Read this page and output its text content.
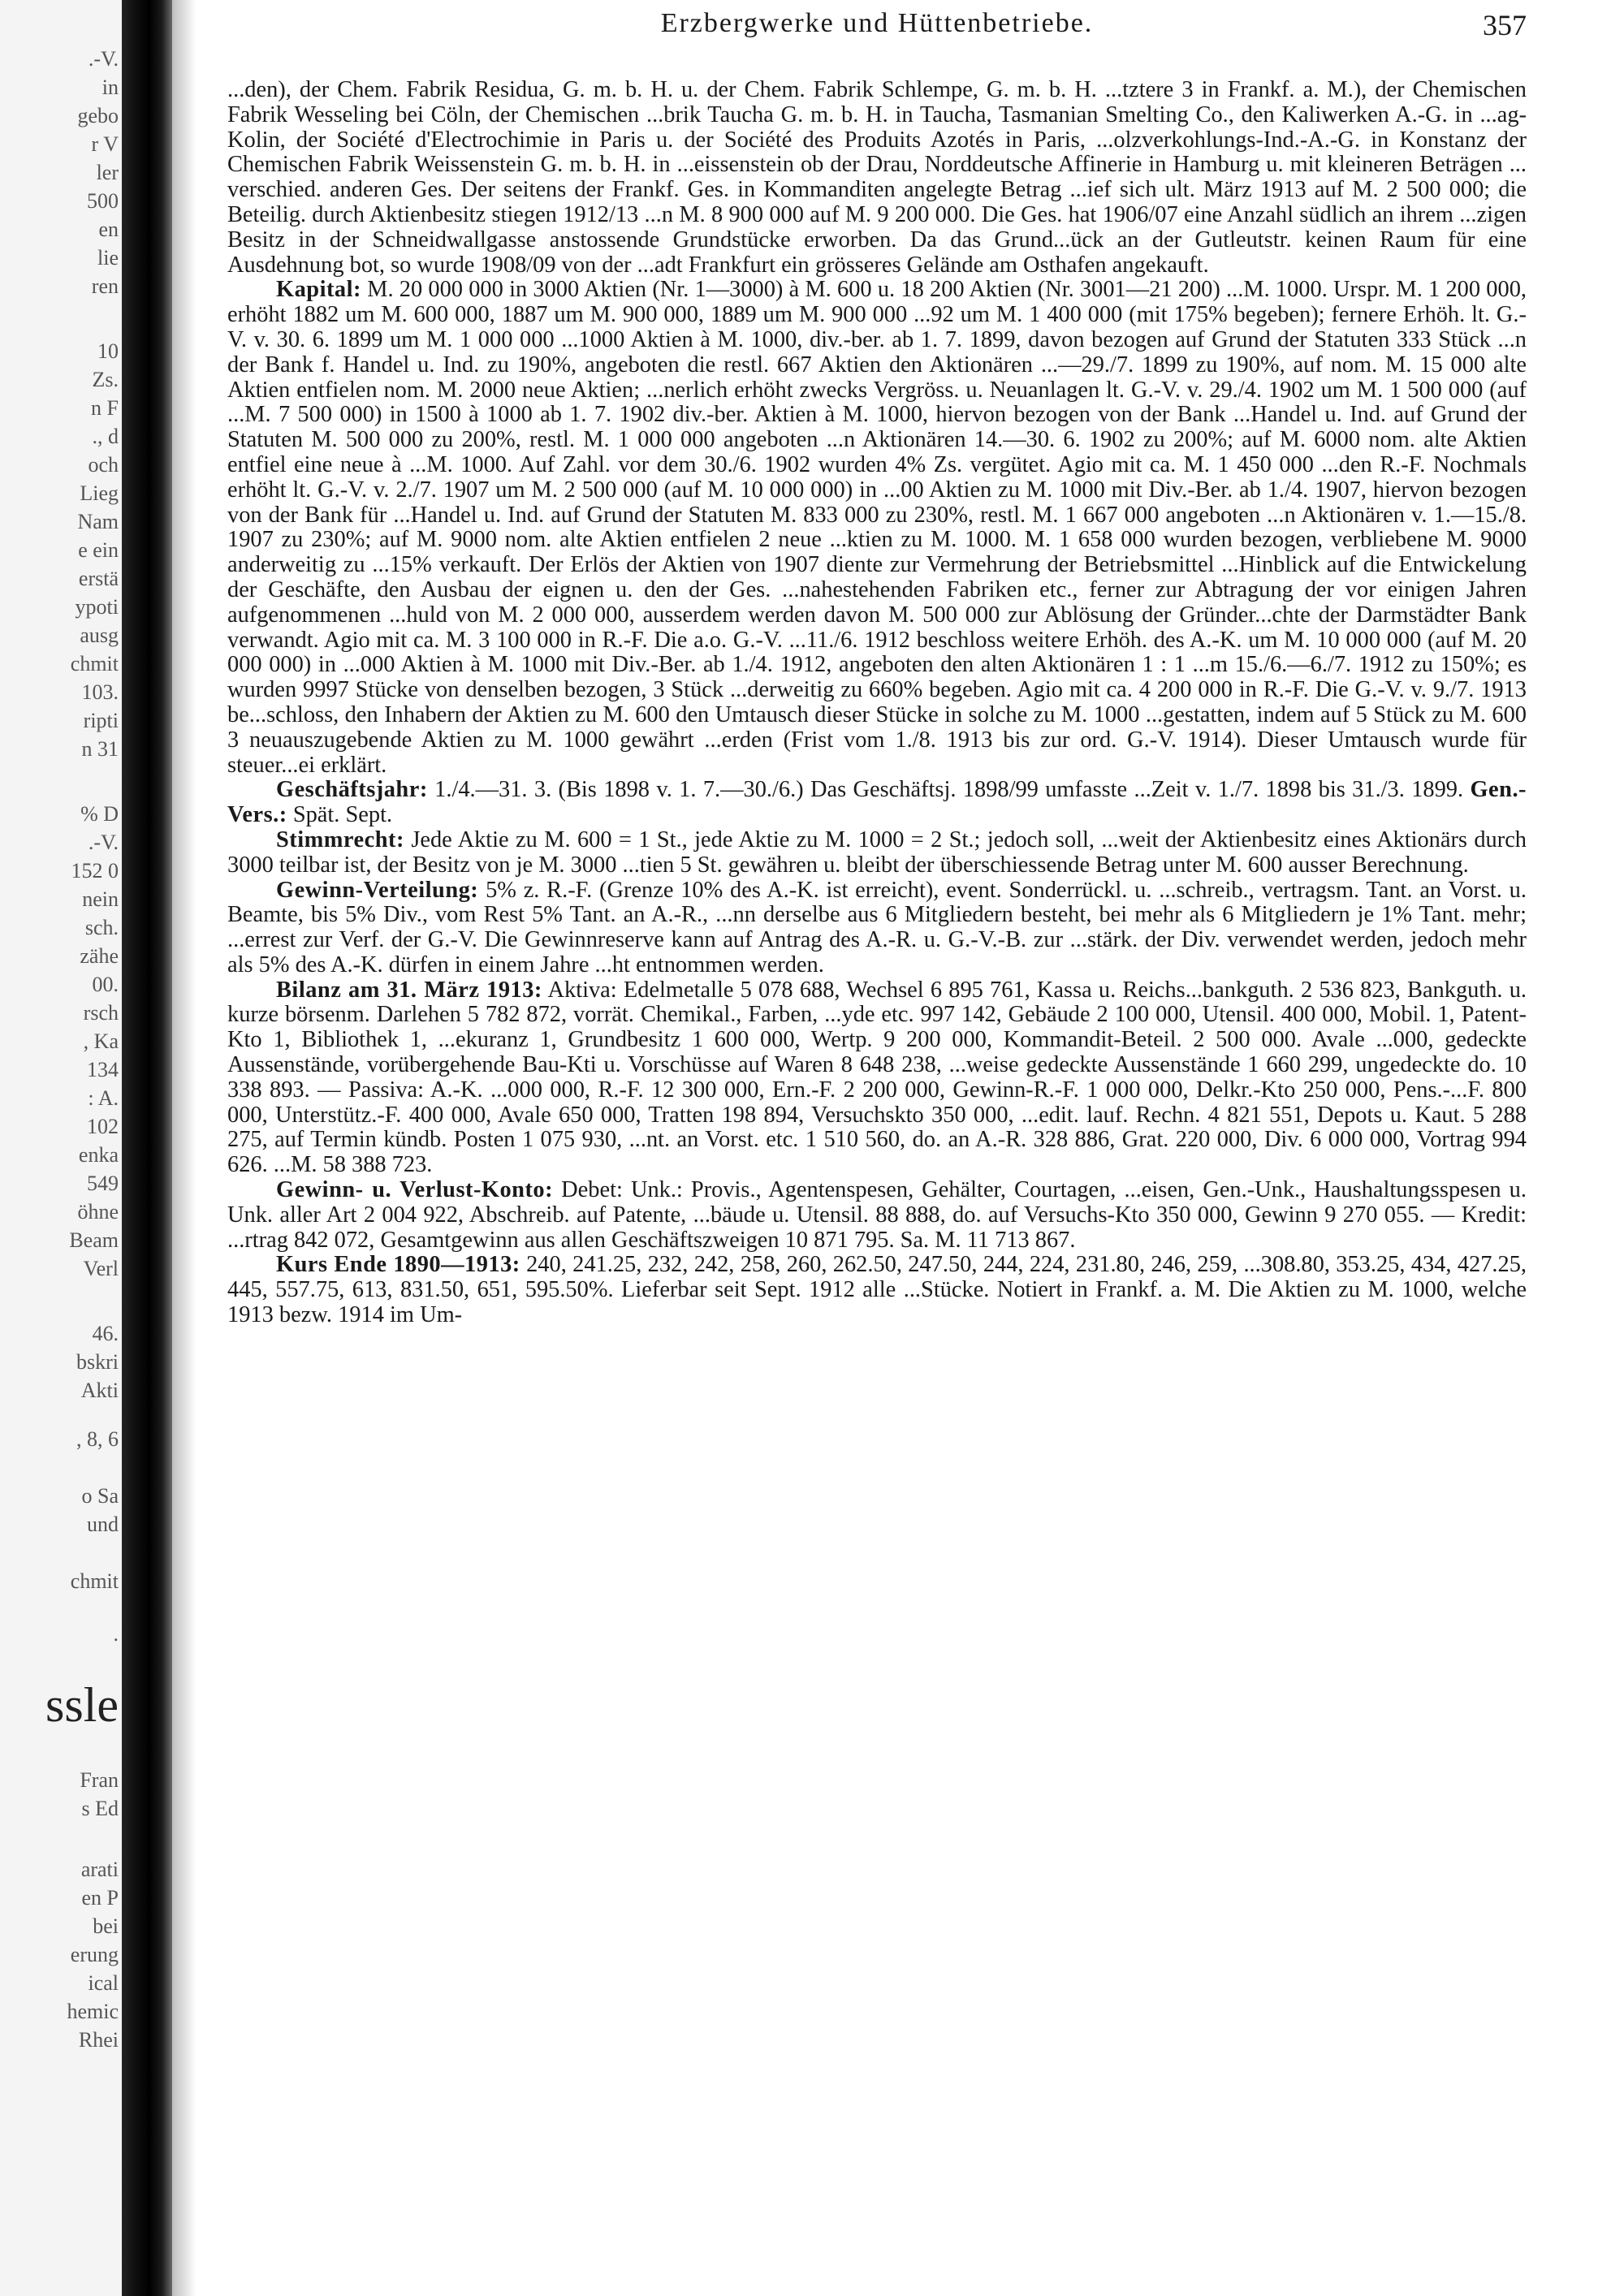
.-V.
in
gebo
r V
ler
500
en
lie
ren
10
Zs.
n F
., d
och
Lieg
Nam
e ein
erstä
ypoti
ausg
chmit
103.
ripti
n 31
% D
.-V.
152 0
nein
sch.
zähe
00.
rsch
, Ka
134
: A.
102
enka
549
öhne
Beam
Verl
46.
bskri
Akti
, 8, 6
o Sa
und
chmit
.
ssle
Fran
s Ed
arati
en P
bei
erung
ical
hemic
Rhei
Erzbergwerke und Hüttenbetriebe.	357

...den), der Chem. Fabrik Residua, G. m. b. H. u. der Chem. Fabrik Schlempe, G. m. b. H. ...tztere 3 in Frankf. a. M.), der Chemischen Fabrik Wesseling bei Cöln, der Chemischen ...brik Taucha G. m. b. H. in Taucha, Tasmanian Smelting Co., den Kaliwerken A.-G. in ...ag-Kolin, der Société d'Electrochimie in Paris u. der Société des Produits Azotés in Paris, ...olzverkohlungs-Ind.-A.-G. in Konstanz der Chemischen Fabrik Weissenstein G. m. b. H. in ...eissenstein ob der Drau, Norddeutsche Affinerie in Hamburg u. mit kleineren Beträgen ... verschied. anderen Ges. Der seitens der Frankf. Ges. in Kommanditen angelegte Betrag ...ief sich ult. März 1913 auf M. 2 500 000; die Beteilig. durch Aktienbesitz stiegen 1912/13 ...n M. 8 900 000 auf M. 9 200 000. Die Ges. hat 1906/07 eine Anzahl südlich an ihrem ...zigen Besitz in der Schneidwallgasse anstossende Grundstücke erworben. Da das Grund...ück an der Gutleutstr. keinen Raum für eine Ausdehnung bot, so wurde 1908/09 von der ...adt Frankfurt ein grösseres Gelände am Osthafen angekauft.

Kapital: M. 20 000 000 in 3000 Aktien (Nr. 1—3000) à M. 600 u. 18 200 Aktien (Nr. 3001—21 200) ...M. 1000. Urspr. M. 1 200 000, erhöht 1882 um M. 600 000, 1887 um M. 900 000, 1889 um M. 900 000 ...92 um M. 1 400 000 (mit 175% begeben); fernere Erhöh. lt. G.-V. v. 30. 6. 1899 um M. 1 000 000 ...1000 Aktien à M. 1000, div.-ber. ab 1. 7. 1899, davon bezogen auf Grund der Statuten 333 Stück ...n der Bank f. Handel u. Ind. zu 190%, angeboten die restl. 667 Aktien den Aktionären ...—29./7. 1899 zu 190%, auf nom. M. 15 000 alte Aktien entfielen nom. M. 2000 neue Aktien; ...nerlich erhöht zwecks Vergröss. u. Neuanlagen lt. G.-V. v. 29./4. 1902 um M. 1 500 000 (auf ...M. 7 500 000) in 1500 à 1000 ab 1. 7. 1902 div.-ber. Aktien à M. 1000, hiervon bezogen von der Bank ...Handel u. Ind. auf Grund der Statuten M. 500 000 zu 200%, restl. M. 1 000 000 angeboten ...n Aktionären 14.—30. 6. 1902 zu 200%; auf M. 6000 nom. alte Aktien entfiel eine neue à ...M. 1000. Auf Zahl. vor dem 30./6. 1902 wurden 4% Zs. vergütet. Agio mit ca. M. 1 450 000 ...den R.-F. Nochmals erhöht lt. G.-V. v. 2./7. 1907 um M. 2 500 000 (auf M. 10 000 000) in ...00 Aktien zu M. 1000 mit Div.-Ber. ab 1./4. 1907, hiervon bezogen von der Bank für ...Handel u. Ind. auf Grund der Statuten M. 833 000 zu 230%, restl. M. 1 667 000 angeboten ...n Aktionären v. 1.—15./8. 1907 zu 230%; auf M. 9000 nom. alte Aktien entfielen 2 neue ...ktien zu M. 1000. M. 1 658 000 wurden bezogen, verbliebene M. 9000 anderweitig zu ...15% verkauft. Der Erlös der Aktien von 1907 diente zur Vermehrung der Betriebsmittel ...Hinblick auf die Entwickelung der Geschäfte, den Ausbau der eignen u. den der Ges. ...nahestehenden Fabriken etc., ferner zur Abtragung der vor einigen Jahren aufgenommenen ...huld von M. 2 000 000, ausserdem werden davon M. 500 000 zur Ablösung der Gründer...chte der Darmstädter Bank verwandt. Agio mit ca. M. 3 100 000 in R.-F. Die a.o. G.-V. ...11./6. 1912 beschloss weitere Erhöh. des A.-K. um M. 10 000 000 (auf M. 20 000 000) in ...000 Aktien à M. 1000 mit Div.-Ber. ab 1./4. 1912, angeboten den alten Aktionären 1 : 1 ...m 15./6.—6./7. 1912 zu 150%; es wurden 9997 Stücke von denselben bezogen, 3 Stück ...derweitig zu 660% begeben. Agio mit ca. 4 200 000 in R.-F. Die G.-V. v. 9./7. 1913 be...schloss, den Inhabern der Aktien zu M. 600 den Umtausch dieser Stücke in solche zu M. 1000 ...gestatten, indem auf 5 Stück zu M. 600 3 neuauszugebende Aktien zu M. 1000 gewährt ...erden (Frist vom 1./8. 1913 bis zur ord. G.-V. 1914). Dieser Umtausch wurde für steuer...ei erklärt.

Geschäftsjahr: 1./4.—31. 3. (Bis 1898 v. 1. 7.—30./6.) Das Geschäftsj. 1898/99 umfasste ...Zeit v. 1./7. 1898 bis 31./3. 1899. Gen.-Vers.: Spät. Sept.

Stimmrecht: Jede Aktie zu M. 600 = 1 St., jede Aktie zu M. 1000 = 2 St.; jedoch soll, ...weit der Aktienbesitz eines Aktionärs durch 3000 teilbar ist, der Besitz von je M. 3000 ...tien 5 St. gewähren u. bleibt der überschiessende Betrag unter M. 600 ausser Berechnung.

Gewinn-Verteilung: 5% z. R.-F. (Grenze 10% des A.-K. ist erreicht), event. Sonderrückl. u. ...schreib., vertragsm. Tant. an Vorst. u. Beamte, bis 5% Div., vom Rest 5% Tant. an A.-R., ...nn derselbe aus 6 Mitgliedern besteht, bei mehr als 6 Mitgliedern je 1% Tant. mehr; ...errest zur Verf. der G.-V. Die Gewinnreserve kann auf Antrag des A.-R. u. G.-V.-B. zur ...stärk. der Div. verwendet werden, jedoch mehr als 5% des A.-K. dürfen in einem Jahre ...ht entnommen werden.

Bilanz am 31. März 1913: Aktiva: Edelmetalle 5 078 688, Wechsel 6 895 761, Kassa u. Reichs...bankguth. 2 536 823, Bankguth. u. kurze börsenm. Darlehen 5 782 872, vorrät. Chemikal., Farben, ...yde etc. 997 142, Gebäude 2 100 000, Utensil. 400 000, Mobil. 1, Patent-Kto 1, Bibliothek 1, ...ekuranz 1, Grundbesitz 1 600 000, Wertp. 9 200 000, Kommandit-Beteil. 2 500 000. Avale ...000, gedeckte Aussenstände, vorübergehende Bau-Kti u. Vorschüsse auf Waren 8 648 238, ...weise gedeckte Aussenstände 1 660 299, ungedeckte do. 10 338 893. — Passiva: A.-K. ...000 000, R.-F. 12 300 000, Ern.-F. 2 200 000, Gewinn-R.-F. 1 000 000, Delkr.-Kto 250 000, Pens.-...F. 800 000, Unterstütz.-F. 400 000, Avale 650 000, Tratten 198 894, Versuchskto 350 000, ...edit. lauf. Rechn. 4 821 551, Depots u. Kaut. 5 288 275, auf Termin kündb. Posten 1 075 930, ...nt. an Vorst. etc. 1 510 560, do. an A.-R. 328 886, Grat. 220 000, Div. 6 000 000, Vortrag 994 626. ...M. 58 388 723.

Gewinn- u. Verlust-Konto: Debet: Unk.: Provis., Agentenspesen, Gehälter, Courtagen, ...eisen, Gen.-Unk., Haushaltungsspesen u. Unk. aller Art 2 004 922, Abschreib. auf Patente, ...bäude u. Utensil. 88 888, do. auf Versuchs-Kto 350 000, Gewinn 9 270 055. — Kredit: ...rtrag 842 072, Gesamtgewinn aus allen Geschäftszweigen 10 871 795. Sa. M. 11 713 867.

Kurs Ende 1890—1913: 240, 241.25, 232, 242, 258, 260, 262.50, 247.50, 244, 224, 231.80, 246, 259, ...308.80, 353.25, 434, 427.25, 445, 557.75, 613, 831.50, 651, 595.50%. Lieferbar seit Sept. 1912 alle ...Stücke. Notiert in Frankf. a. M. Die Aktien zu M. 1000, welche 1913 bezw. 1914 im Um-
